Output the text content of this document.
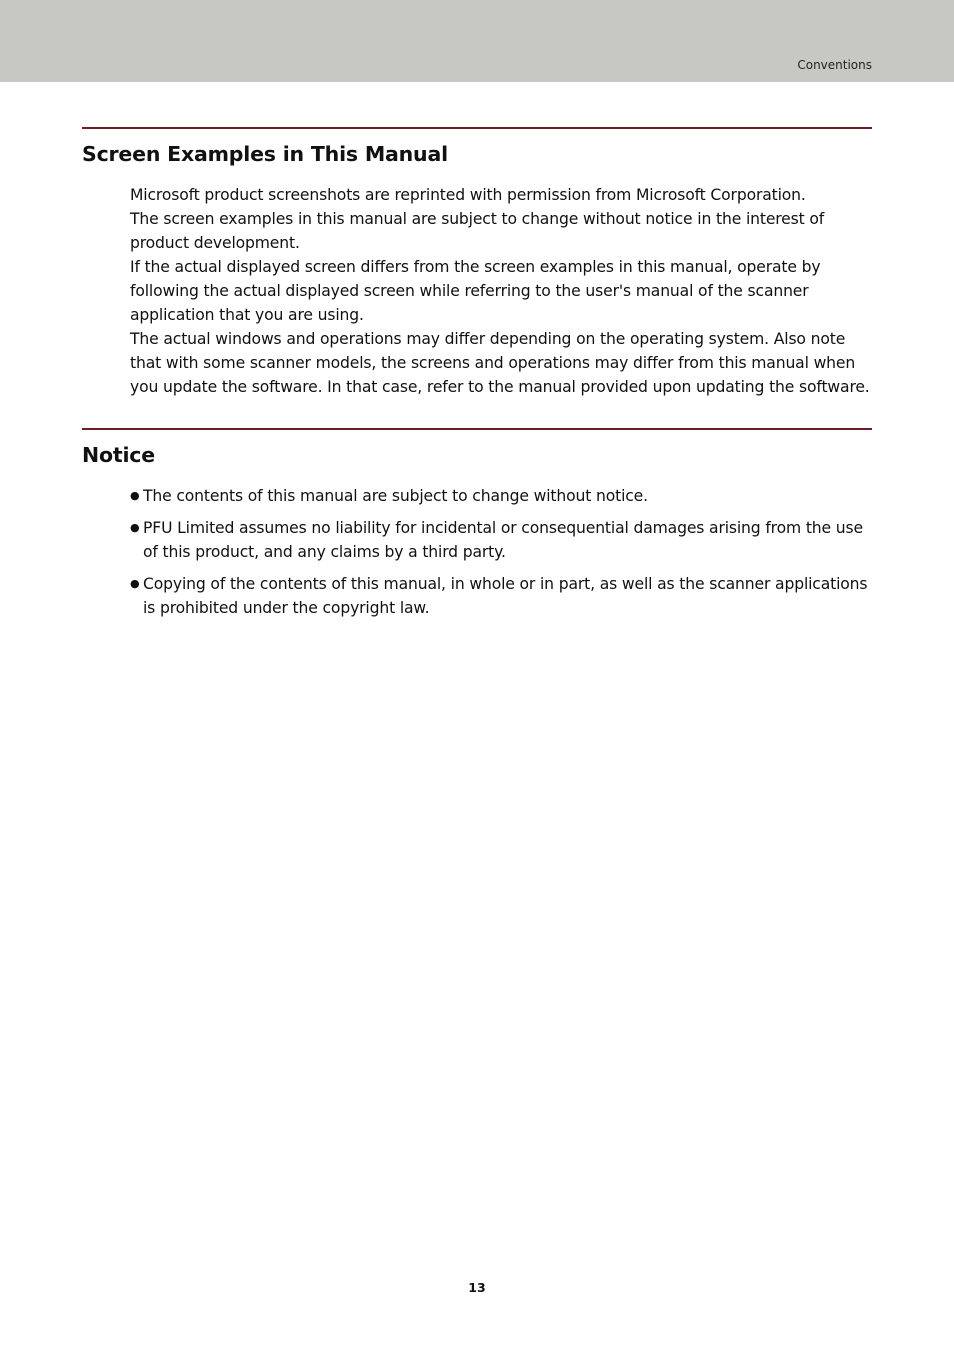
Conventions
Screen Examples in This Manual

Microsoft product screenshots are reprinted with permission from Microsoft Corporation.

The screen examples in this manual are subject to change without notice in the interest of product development.

If the actual displayed screen differs from the screen examples in this manual, operate by following the actual displayed screen while referring to the user's manual of the scanner application that you are using.

The actual windows and operations may differ depending on the operating system. Also note that with some scanner models, the screens and operations may differ from this manual when you update the software. In that case, refer to the manual provided upon updating the software.

Notice
● The contents of this manual are subject to change without notice.
● PFU Limited assumes no liability for incidental or consequential damages arising from the use of this product, and any claims by a third party.
● Copying of the contents of this manual, in whole or in part, as well as the scanner applications is prohibited under the copyright law.
13
